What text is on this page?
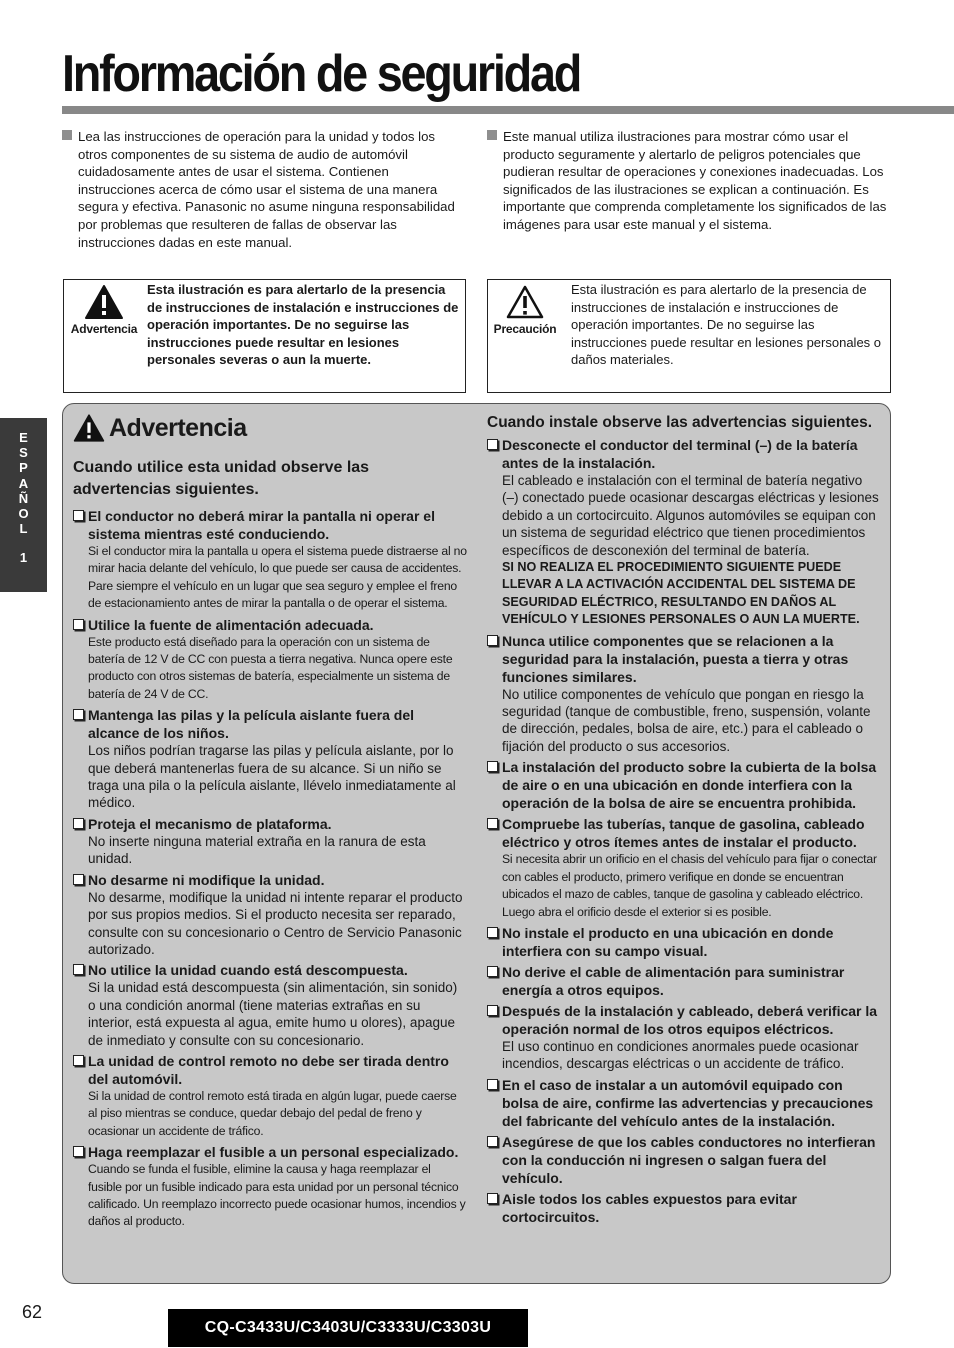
Información de seguridad

Lea las instrucciones de operación para la unidad y todos los otros componentes de su sistema de audio de automóvil cuidadosamente antes de usar el sistema. Contienen instrucciones acerca de cómo usar el sistema de una manera segura y efectiva. Panasonic no asume ninguna responsabilidad por problemas que resulteren de fallas de observar las instrucciones dadas en este manual.

Este manual utiliza ilustraciones para mostrar cómo usar el producto seguramente y alertarlo de peligros potenciales que pudieran resultar de operaciones y conexiones inadecuadas. Los significados de las ilustraciones se explican a continuación. Es importante que comprenda completamente los significados de las imágenes para usar este manual y el sistema.

Advertencia
Esta ilustración es para alertarlo de la presencia de instrucciones de instalación e instrucciones de operación importantes. De no seguirse las instrucciones puede resultar en lesiones personales severas o aun la muerte.
Precaución
Esta ilustración es para alertarlo de la presencia de instrucciones de instalación e instrucciones de operación importantes. De no seguirse las instrucciones puede resultar en lesiones personales o daños materiales.
E
S
P
A
Ñ
O
L
1
Advertencia
Cuando utilice esta unidad observe las advertencias siguientes.
El conductor no deberá mirar la pantalla ni operar el sistema mientras esté conduciendo.
Si el conductor mira la pantalla u opera el sistema puede distraerse al no mirar hacia delante del vehículo, lo que puede ser causa de accidentes. Pare siempre el vehículo en un lugar que sea seguro y emplee el freno de estacionamiento antes de mirar la pantalla o de operar el sistema.
Utilice la fuente de alimentación adecuada.
Este producto está diseñado para la operación con un sistema de batería de 12 V de CC con puesta a tierra negativa. Nunca opere este producto con otros sistemas de batería, especialmente un sistema de batería de 24 V de CC.
Mantenga las pilas y la película aislante fuera del alcance de los niños.
Los niños podrían tragarse las pilas y película aislante, por lo que deberá mantenerlas fuera de su alcance. Si un niño se traga una pila o la película aislante, llévelo inmediatamente al médico.
Proteja el mecanismo de plataforma.
No inserte ninguna material extraña en la ranura de esta unidad.
No desarme ni modifique la unidad.
No desarme, modifique la unidad ni intente reparar el producto por sus propios medios. Si el producto necesita ser reparado, consulte con su concesionario o Centro de Servicio Panasonic autorizado.
No utilice la unidad cuando está descompuesta.
Si la unidad está descompuesta (sin alimentación, sin sonido) o una condición anormal (tiene materias extrañas en su interior, está expuesta al agua, emite humo u olores), apague de inmediato y consulte con su concesionario.
La unidad de control remoto no debe ser tirada dentro del automóvil.
Si la unidad de control remoto está tirada en algún lugar, puede caerse al piso mientras se conduce, quedar debajo del pedal de freno y ocasionar un accidente de tráfico.
Haga reemplazar el fusible a un personal especializado.
Cuando se funda el fusible, elimine la causa y haga reemplazar el fusible por un fusible indicado para esta unidad por un personal técnico calificado. Un reemplazo incorrecto puede ocasionar humos, incendios y daños al producto.
Cuando instale observe las advertencias siguientes.
Desconecte el conductor del terminal (–) de la batería antes de la instalación.
El cableado e instalación con el terminal de batería negativo (–) conectado puede ocasionar descargas eléctricas y lesiones debido a un cortocircuito. Algunos automóviles se equipan con un sistema de seguridad eléctrico que tienen procedimientos específicos de desconexión del terminal de batería.
SI NO REALIZA EL PROCEDIMIENTO SIGUIENTE PUEDE LLEVAR A LA ACTIVACIÓN ACCIDENTAL DEL SISTEMA DE SEGURIDAD ELÉCTRICO, RESULTANDO EN DAÑOS AL VEHÍCULO Y LESIONES PERSONALES O AUN LA MUERTE.
Nunca utilice componentes que se relacionen a la seguridad para la instalación, puesta a tierra y otras funciones similares.
No utilice componentes de vehículo que pongan en riesgo la seguridad (tanque de combustible, freno, suspensión, volante de dirección, pedales, bolsa de aire, etc.) para el cableado o fijación del producto o sus accesorios.
La instalación del producto sobre la cubierta de la bolsa de aire o en una ubicación en donde interfiera con la operación de la bolsa de aire se encuentra prohibida.
Compruebe las tuberías, tanque de gasolina, cableado eléctrico y otros ítemes antes de instalar el producto.
Si necesita abrir un orificio en el chasis del vehículo para fijar o conectar con cables el producto, primero verifique en donde se encuentran ubicados el mazo de cables, tanque de gasolina y cableado eléctrico. Luego abra el orificio desde el exterior si es posible.
No instale el producto en una ubicación en donde interfiera con su campo visual.
No derive el cable de alimentación para suministrar energía a otros equipos.
Después de la instalación y cableado, deberá verificar la operación normal de los otros equipos eléctricos.
El uso continuo en condiciones anormales puede ocasionar incendios, descargas eléctricas o un accidente de tráfico.
En el caso de instalar a un automóvil equipado con bolsa de aire, confirme las advertencias y precauciones del fabricante del vehículo antes de la instalación.
Asegúrese de que los cables conductores no interfieran con la conducción ni ingresen o salgan fuera del vehículo.
Aisle todos los cables expuestos para evitar cortocircuitos.
62
CQ-C3433U/C3403U/C3333U/C3303U
